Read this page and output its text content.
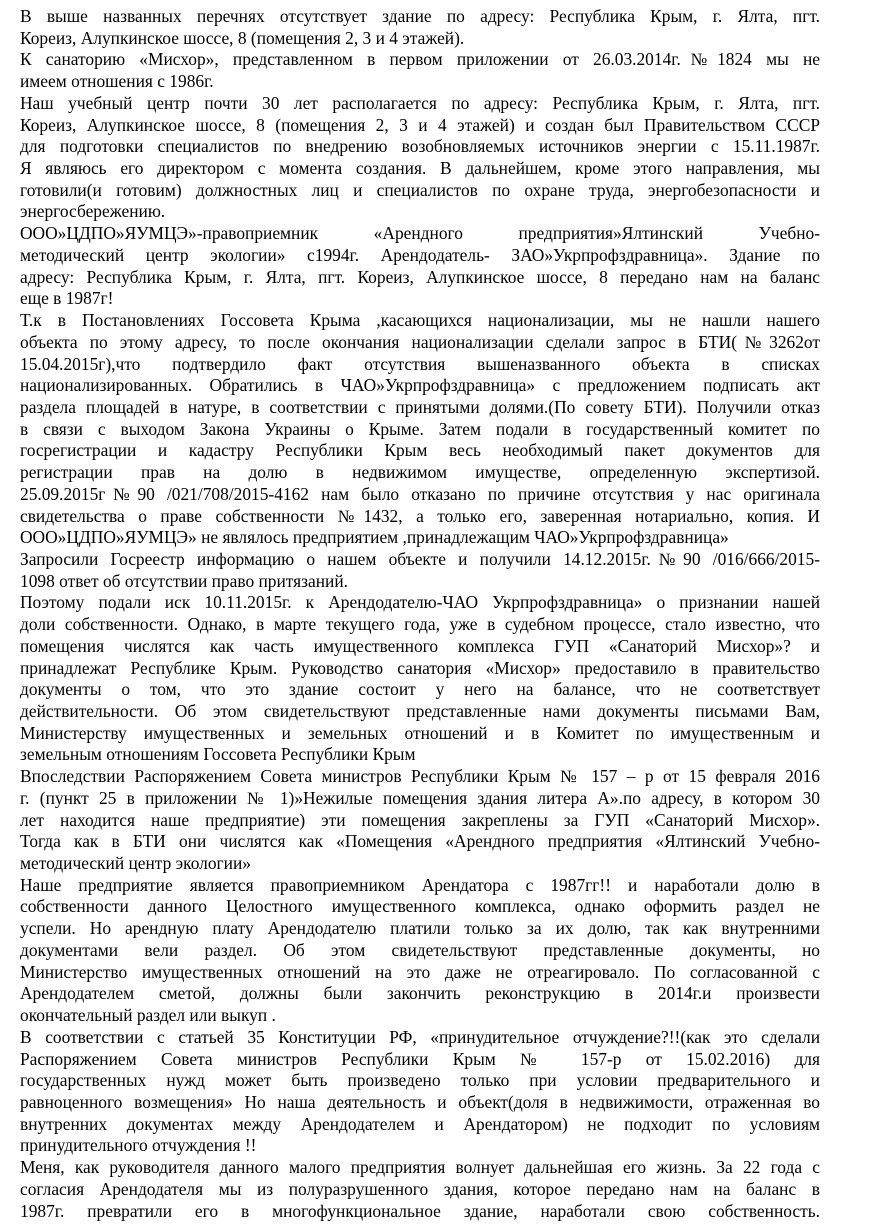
В выше названных перечнях отсутствует здание по адресу: Республика Крым, г. Ялта, пгт.
Кореиз, Алупкинское шоссе, 8 (помещения 2, 3 и 4 этажей).
К санаторию «Мисхор», представленном в первом приложении от 26.03.2014г.№1824 мы не
имеем отношения с 1986г.
Наш учебный центр почти 30 лет располагается по адресу: Республика Крым, г. Ялта, пгт.
Кореиз, Алупкинское шоссе, 8 (помещения 2, 3 и 4 этажей) и создан был Правительством СССР
для подготовки специалистов по внедрению возобновляемых источников энергии с 15.11.1987г.
Я являюсь его директором с момента создания. В дальнейшем, кроме этого направления, мы
готовили(и готовим) должностных лиц и специалистов по охране труда, энергобезопасности и
энергосбережению.
ООО»ЦДПО»ЯУМЦЭ»-правоприемник «Арендного предприятия»Ялтинский Учебно-
методический центр экологии» с1994г. Арендодатель- ЗАО»Укрпрофздравница». Здание по
адресу: Республика Крым, г. Ялта, пгт. Кореиз, Алупкинское шоссе, 8 передано нам на баланс
еще в 1987г!
Т.к в Постановлениях Госсовета Крыма ,касающихся национализации, мы не нашли нашего
объекта по этому адресу, то после окончания национализации сделали запрос в БТИ(№3262от
15.04.2015г),что подтвердило факт отсутствия вышеназванного объекта в списках
национализированных. Обратились в ЧАО»Укрпрофздравница» с предложением подписать акт
раздела площадей в натуре, в соответствии с принятыми долями.(По совету БТИ). Получили отказ
в связи с выходом Закона Украины о Крыме. Затем подали в государственный комитет по
госрегистрации и кадастру Республики Крым весь необходимый пакет документов для
регистрации прав на долю в недвижимом имуществе, определенную экспертизой.
25.09.2015г№90 /021/708/2015-4162 нам было отказано по причине отсутствия у нас оригинала
свидетельства о праве собственности №1432, а только его, заверенная нотариально, копия. И
ООО»ЦДПО»ЯУМЦЭ» не являлось предприятием ,принадлежащим ЧАО»Укрпрофздравница»
Запросили Госреестр информацию о нашем объекте и получили 14.12.2015г.№90 /016/666/2015-
1098 ответ об отсутствии право притязаний.
Поэтому подали иск 10.11.2015г. к Арендодателю-ЧАО Укрпрофздравница» о признании нашей
доли собственности. Однако, в марте текущего года, уже в судебном процессе, стало известно, что
помещения числятся как часть имущественного комплекса ГУП «Санаторий Мисхор»? и
принадлежат Республике Крым. Руководство санатория «Мисхор» предоставило в правительство
документы о том, что это здание состоит у него на балансе, что не соответствует
действительности. Об этом свидетельствуют представленные нами документы письмами Вам,
Министерству имущественных и земельных отношений и в Комитет по имущественным и
земельным отношениям Госсовета Республики Крым
Впоследствии Распоряжением Совета министров Республики Крым № 157 – р от 15 февраля 2016
г. (пункт 25 в приложении № 1)»Нежилые помещения здания литера А».по адресу, в котором 30
лет находится наше предприятие) эти помещения закреплены за ГУП «Санаторий Мисхор».
Тогда как в БТИ они числятся как «Помещения «Арендного предприятия «Ялтинский Учебно-
методический центр экологии»
Наше предприятие является правоприемником Арендатора с 1987гг!! и наработали долю в
собственности данного Целостного имущественного комплекса, однако оформить раздел не
успели. Но арендную плату Арендодателю платили только за их долю, так как внутренними
документами вели раздел. Об этом свидетельствуют представленные документы, но
Министерство имущественных отношений на это даже не отреагировало. По согласованной с
Арендодателем сметой, должны были закончить реконструкцию в 2014г.и произвести
окончательный раздел или выкуп .
В соответствии с статьей 35 Конституции РФ, «принудительное отчуждение?!!(как это сделали
Распоряжением Совета министров Республики Крым № 157-р от 15.02.2016) для
государственных нужд может быть произведено только при условии предварительного и
равноценного возмещения» Но наша деятельность и объект(доля в недвижимости, отраженная во
внутренних документах между Арендодателем и Арендатором) не подходит по условиям
принудительного отчуждения !!
Меня, как руководителя данного малого предприятия волнует дальнейшая его жизнь. За 22 года с
согласия Арендодателя мы из полуразрушенного здания, которое передано нам на баланс в
1987г. превратили его в многофункциональное здание, наработали свою собственность.
